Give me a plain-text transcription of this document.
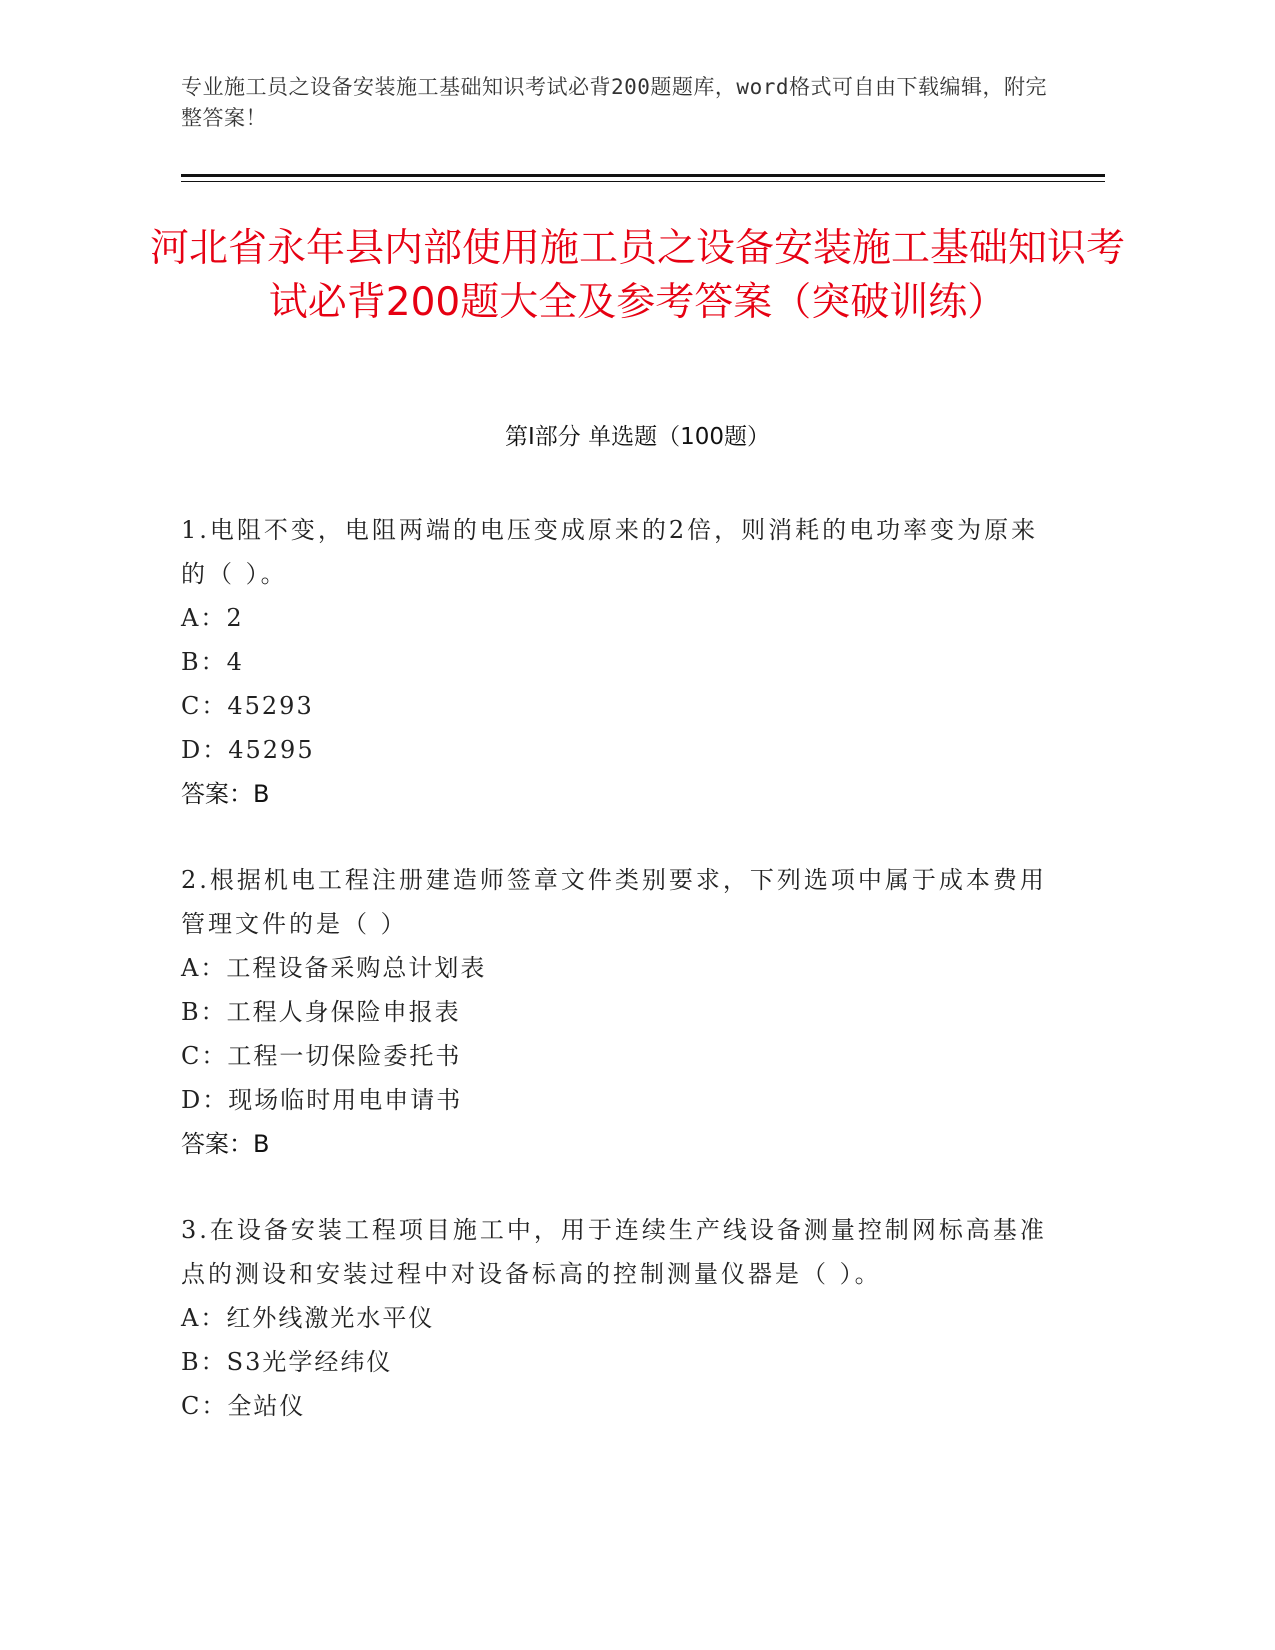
专业施工员之设备安装施工基础知识考试必背200题题库，word格式可自由下载编辑，附完整答案！
河北省永年县内部使用施工员之设备安装施工基础知识考试必背200题大全及参考答案（突破训练）
第Ⅰ部分 单选题（100题）

1.电阻不变，电阻两端的电压变成原来的2倍，则消耗的电功率变为原来的（ ）。

A：2

B：4

C：45293

D：45295

答案：B

2.根据机电工程注册建造师签章文件类别要求，下列选项中属于成本费用管理文件的是（ ）

A：工程设备采购总计划表

B：工程人身保险申报表

C：工程一切保险委托书

D：现场临时用电申请书

答案：B

3.在设备安装工程项目施工中，用于连续生产线设备测量控制网标高基准点的测设和安装过程中对设备标高的控制测量仪器是（ ）。

A：红外线激光水平仪

B：S3光学经纬仪

C：全站仪
